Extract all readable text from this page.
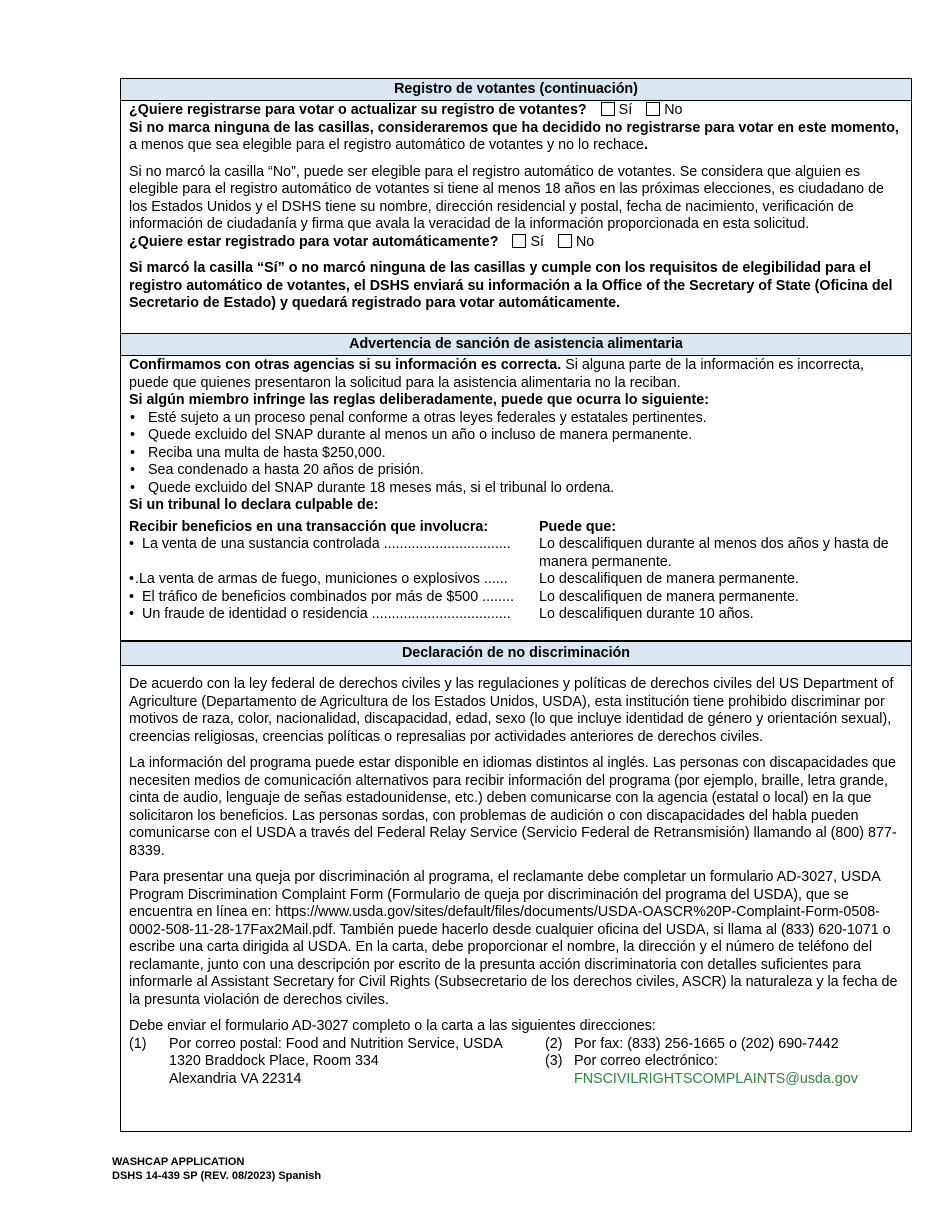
Registro de votantes (continuación)

¿Quiere registrarse para votar o actualizar su registro de votantes? Sí No

Si no marca ninguna de las casillas, consideraremos que ha decidido no registrarse para votar en este momento, a menos que sea elegible para el registro automático de votantes y no lo rechace.

Si no marcó la casilla “No”, puede ser elegible para el registro automático de votantes. Se considera que alguien es elegible para el registro automático de votantes si tiene al menos 18 años en las próximas elecciones, es ciudadano de los Estados Unidos y el DSHS tiene su nombre, dirección residencial y postal, fecha de nacimiento, verificación de información de ciudadanía y firma que avala la veracidad de la información proporcionada en esta solicitud.

¿Quiere estar registrado para votar automáticamente? Sí No

Si marcó la casilla “Sí” o no marcó ninguna de las casillas y cumple con los requisitos de elegibilidad para el registro automático de votantes, el DSHS enviará su información a la Office of the Secretary of State (Oficina del Secretario de Estado) y quedará registrado para votar automáticamente.

Advertencia de sanción de asistencia alimentaria

Confirmamos con otras agencias si su información es correcta. Si alguna parte de la información es incorrecta, puede que quienes presentaron la solicitud para la asistencia alimentaria no la reciban.

Si algún miembro infringe las reglas deliberadamente, puede que ocurra lo siguiente:

• Esté sujeto a un proceso penal conforme a otras leyes federales y estatales pertinentes.
• Quede excluido del SNAP durante al menos un año o incluso de manera permanente.
• Reciba una multa de hasta $250,000.
• Sea condenado a hasta 20 años de prisión.
• Quede excluido del SNAP durante 18 meses más, si el tribunal lo ordena.

Si un tribunal lo declara culpable de:

Recibir beneficios en una transacción que involucra:	Puede que:
• La venta de una sustancia controlada ................................	Lo descalifiquen durante al menos dos años y hasta de manera permanente.
•.La venta de armas de fuego, municiones o explosivos ......	Lo descalifiquen de manera permanente.
• El tráfico de beneficios combinados por más de $500 ........	Lo descalifiquen de manera permanente.
• Un fraude de identidad o residencia ...................................	Lo descalifiquen durante 10 años.
Declaración de no discriminación

De acuerdo con la ley federal de derechos civiles y las regulaciones y políticas de derechos civiles del US Department of Agriculture (Departamento de Agricultura de los Estados Unidos, USDA), esta institución tiene prohibido discriminar por motivos de raza, color, nacionalidad, discapacidad, edad, sexo (lo que incluye identidad de género y orientación sexual), creencias religiosas, creencias políticas o represalias por actividades anteriores de derechos civiles.

La información del programa puede estar disponible en idiomas distintos al inglés. Las personas con discapacidades que necesiten medios de comunicación alternativos para recibir información del programa (por ejemplo, braille, letra grande, cinta de audio, lenguaje de señas estadounidense, etc.) deben comunicarse con la agencia (estatal o local) en la que solicitaron los beneficios. Las personas sordas, con problemas de audición o con discapacidades del habla pueden comunicarse con el USDA a través del Federal Relay Service (Servicio Federal de Retransmisión) llamando al (800) 877-8339.

Para presentar una queja por discriminación al programa, el reclamante debe completar un formulario AD-3027, USDA Program Discrimination Complaint Form (Formulario de queja por discriminación del programa del USDA), que se encuentra en línea en: https://www.usda.gov/sites/default/files/documents/USDA-OASCR%20P-Complaint-Form-0508-0002-508-11-28-17Fax2Mail.pdf. También puede hacerlo desde cualquier oficina del USDA, si llama al (833) 620-1071 o escribe una carta dirigida al USDA. En la carta, debe proporcionar el nombre, la dirección y el número de teléfono del reclamante, junto con una descripción por escrito de la presunta acción discriminatoria con detalles suficientes para informarle al Assistant Secretary for Civil Rights (Subsecretario de los derechos civiles, ASCR) la naturaleza y la fecha de la presunta violación de derechos civiles.

Debe enviar el formulario AD-3027 completo o la carta a las siguientes direcciones:

(1)	Por correo postal: Food and Nutrition Service, USDA
1320 Braddock Place, Room 334
Alexandria VA 22314

(2) Por fax: (833) 256-1665 o (202) 690-7442
(3) Por correo electrónico:
FNSCIVILRIGHTSCOMPLAINTS@usda.gov
WASHCAP APPLICATION
DSHS 14-439 SP (REV. 08/2023) Spanish
